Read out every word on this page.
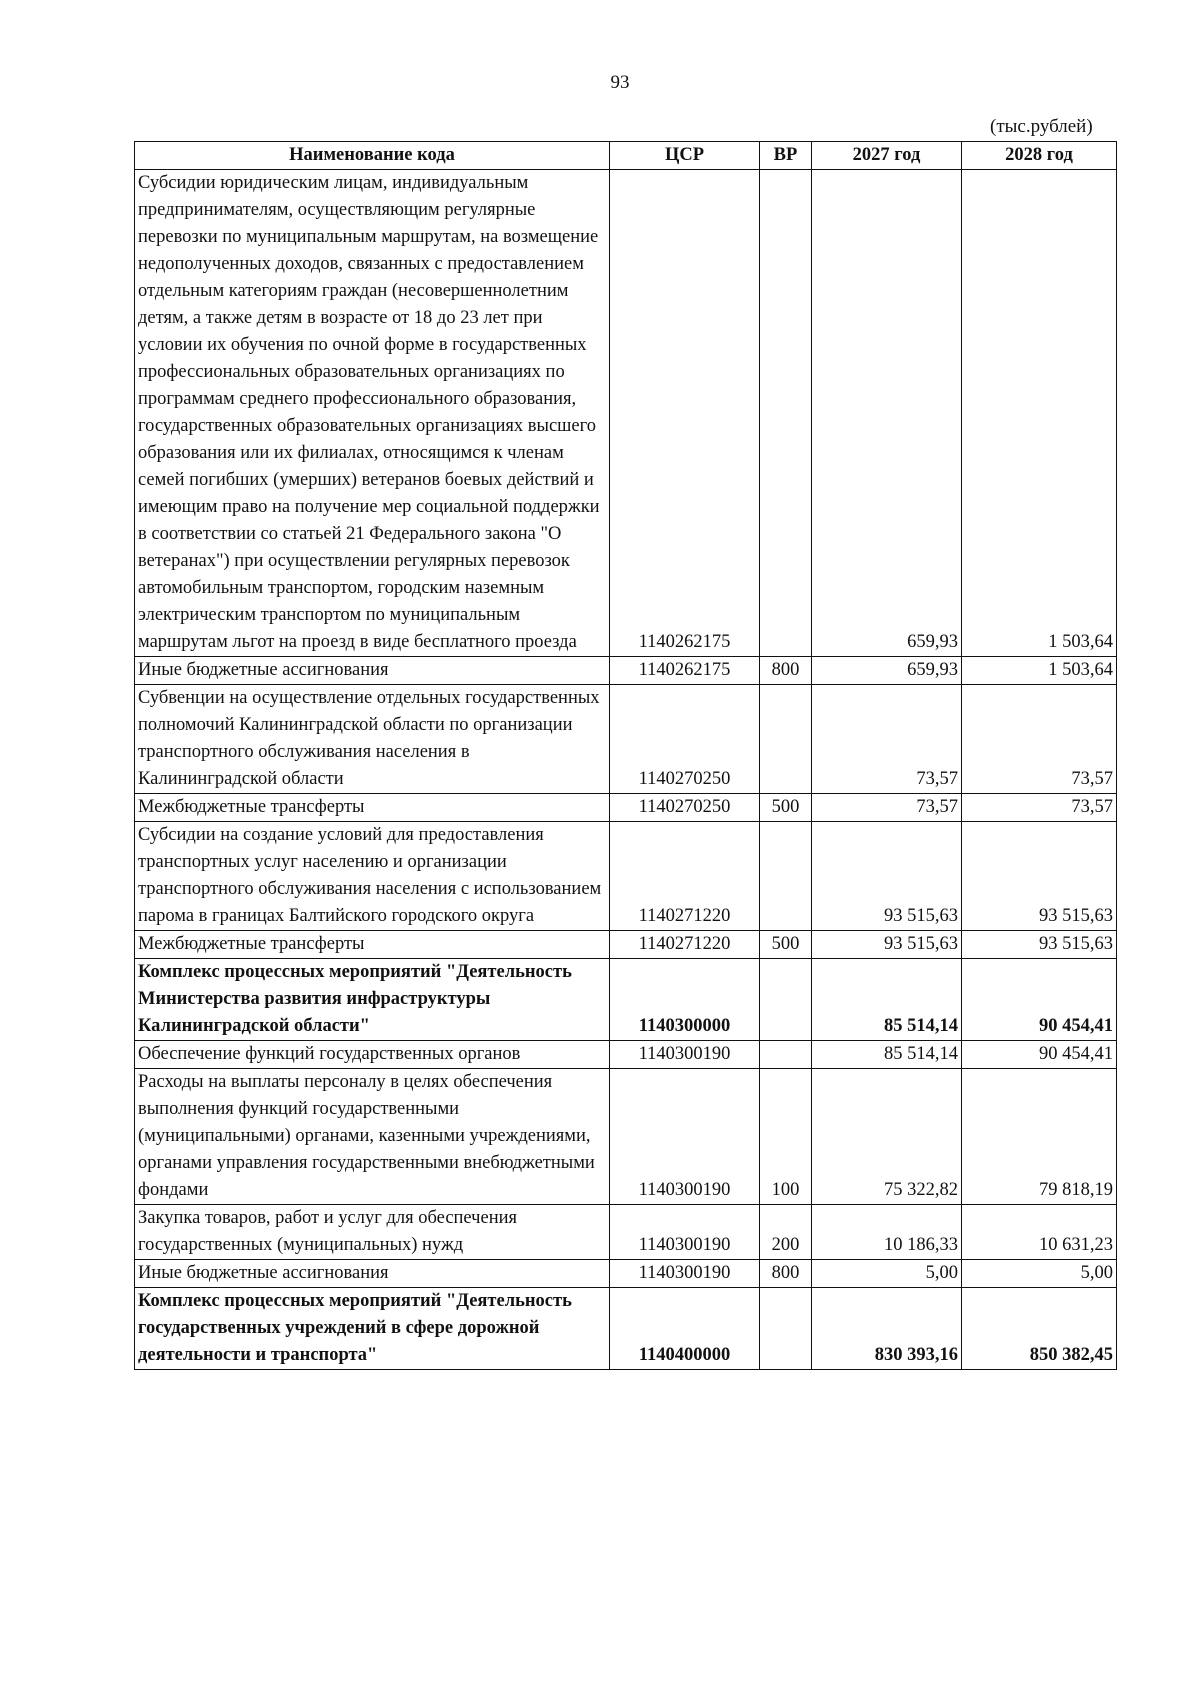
93
(тыс.рублей)
Наименование кода	ЦСР	ВР	2027 год	2028 год
Субсидии юридическим лицам, индивидуальным предпринимателям, осуществляющим регулярные перевозки по муниципальным маршрутам, на возмещение недополученных доходов, связанных с предоставлением отдельным категориям граждан (несовершеннолетним детям, а также детям в возрасте от 18 до 23 лет при условии их обучения по очной форме в государственных профессиональных образовательных организациях по программам среднего профессионального образования, государственных образовательных организациях высшего образования или их филиалах, относящимся к членам семей погибших (умерших) ветеранов боевых действий и имеющим право на получение мер социальной поддержки в соответствии со статьей 21 Федерального закона "О ветеранах") при осуществлении регулярных перевозок автомобильным транспортом, городским наземным электрическим транспортом по муниципальным маршрутам льгот на проезд в виде бесплатного проезда	1140262175		659,93	1 503,64
Иные бюджетные ассигнования	1140262175	800	659,93	1 503,64
Субвенции на осуществление отдельных государственных полномочий Калининградской области по организации транспортного обслуживания населения в Калининградской области	1140270250		73,57	73,57
Межбюджетные трансферты	1140270250	500	73,57	73,57
Субсидии на создание условий для предоставления транспортных услуг населению и организации транспортного обслуживания населения с использованием парома в границах Балтийского городского округа	1140271220		93 515,63	93 515,63
Межбюджетные трансферты	1140271220	500	93 515,63	93 515,63
Комплекс процессных мероприятий "Деятельность Министерства развития инфраструктуры Калининградской области"	1140300000		85 514,14	90 454,41
Обеспечение функций государственных органов	1140300190		85 514,14	90 454,41
Расходы на выплаты персоналу в целях обеспечения выполнения функций государственными (муниципальными) органами, казенными учреждениями, органами управления государственными внебюджетными фондами	1140300190	100	75 322,82	79 818,19
Закупка товаров, работ и услуг для обеспечения государственных (муниципальных) нужд	1140300190	200	10 186,33	10 631,23
Иные бюджетные ассигнования	1140300190	800	5,00	5,00
Комплекс процессных мероприятий "Деятельность государственных учреждений в сфере дорожной деятельности и транспорта"	1140400000		830 393,16	850 382,45
